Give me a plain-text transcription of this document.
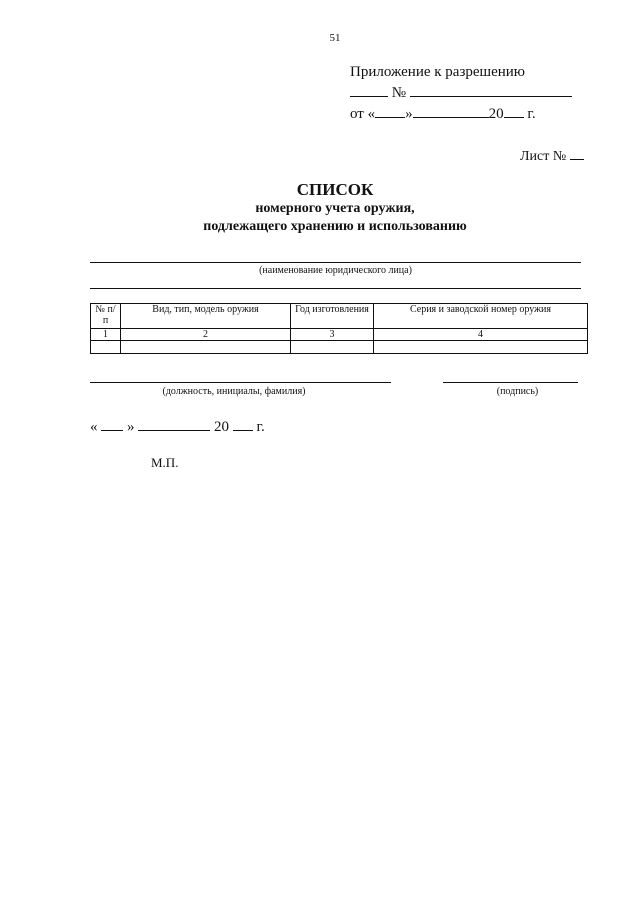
51
Приложение к разрешению
№
от « »	20 г.
Лист №
СПИСОК
номерного учета оружия,
подлежащего хранению и использованию
(наименование юридического лица)
№ п/п	Вид, тип, модель оружия	Год изготовления	Серия и заводской номер оружия
1	2	3	4

(должность, инициалы, фамилия)	(подпись)
« »	20 г.
М.П.
